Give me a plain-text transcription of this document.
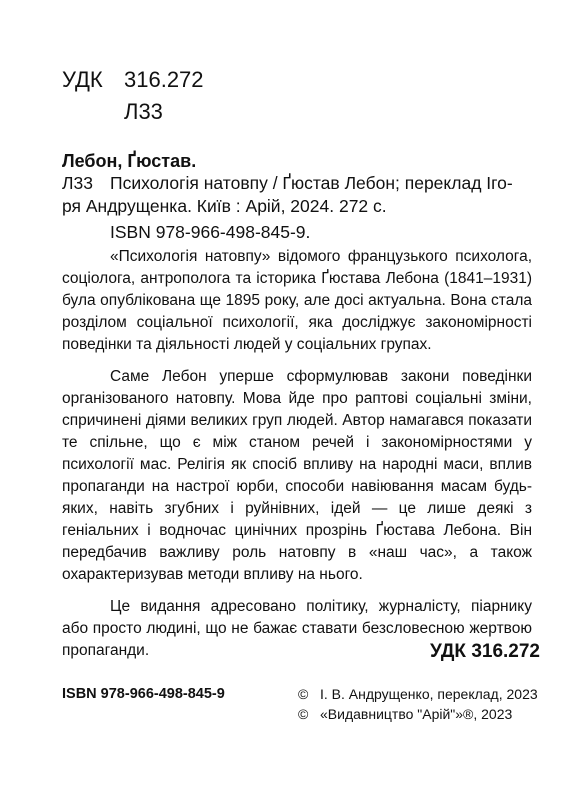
УДК 316.272
Л33
Лебон, Ґюстав.
Л33 Психологія натовпу / Ґюстав Лебон; переклад Іго-
ря Андрущенка. Київ : Арій, 2024. 272 с.
ISBN 978-966-498-845-9.

«Психологія натовпу» відомого французького психолога, соціолога, антрополога та історика Ґюстава Лебона (1841–1931) була опублікована ще 1895 року, але досі актуальна. Вона стала розділом соціальної психології, яка досліджує закономірності поведінки та діяльності людей у соціальних групах.

Саме Лебон уперше сформулював закони поведінки організованого натовпу. Мова йде про раптові соціальні зміни, спричинені діями великих груп людей. Автор намагався показати те спільне, що є між станом речей і закономірностями у психології мас. Релігія як спосіб впливу на народні маси, вплив пропаганди на настрої юрби, способи навіювання масам будь-яких, навіть згубних і руйнівних, ідей — це лише деякі з геніальних і водночас цинічних прозрінь Ґюстава Лебона. Він передбачив важливу роль натовпу в «наш час», а також охарактеризував методи впливу на нього.

Це видання адресовано політику, журналісту, піарнику або просто людині, що не бажає ставати безсловесною жертвою пропаганди.	УДК 316.272
ISBN 978-966-498-845-9	© І. В. Андрущенко, переклад, 2023
© «Видавництво "Арій"»®, 2023
